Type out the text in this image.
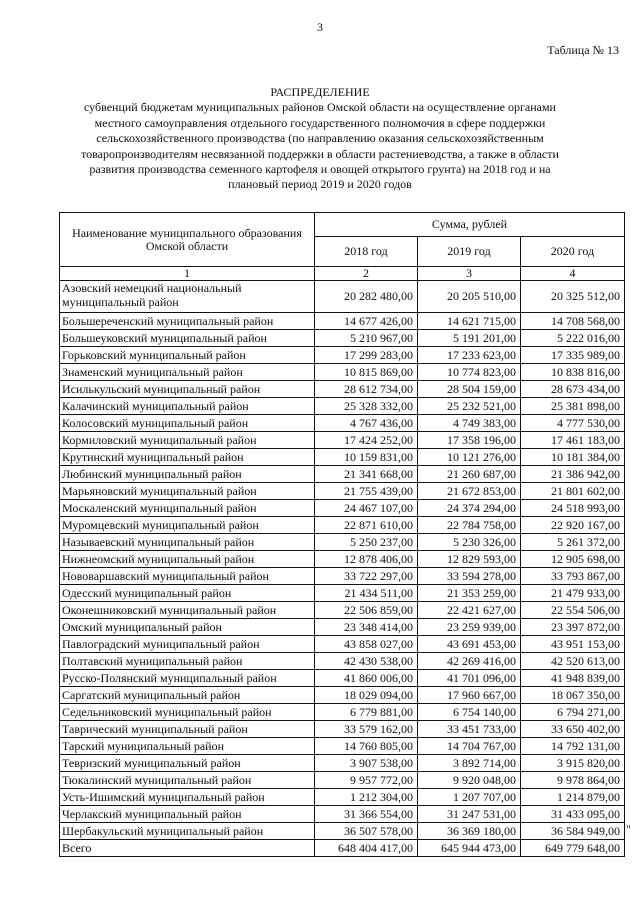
3
Таблица № 13
РАСПРЕДЕЛЕНИЕ
субвенций бюджетам муниципальных районов Омской области на осуществление органами местного самоуправления отдельного государственного полномочия в сфере поддержки сельскохозяйственного производства (по направлению оказания сельскохозяйственным товаропроизводителям несвязанной поддержки в области растениеводства, а также в области развития производства семенного картофеля и овощей открытого грунта) на 2018 год и на плановый период 2019 и 2020 годов
Наименование муниципального образования Омской области	Сумма, рублей		
	2018 год	2019 год	2020 год
1	2	3	4
Азовский немецкий национальный муниципальный район	20 282 480,00	20 205 510,00	20 325 512,00
Большереченский муниципальный район	14 677 426,00	14 621 715,00	14 708 568,00
Большеуковский муниципальный район	5 210 967,00	5 191 201,00	5 222 016,00
Горьковский муниципальный район	17 299 283,00	17 233 623,00	17 335 989,00
Знаменский муниципальный район	10 815 869,00	10 774 823,00	10 838 816,00
Исилькульский муниципальный район	28 612 734,00	28 504 159,00	28 673 434,00
Калачинский муниципальный район	25 328 332,00	25 232 521,00	25 381 898,00
Колосовский муниципальный район	4 767 436,00	4 749 383,00	4 777 530,00
Кормиловский муниципальный район	17 424 252,00	17 358 196,00	17 461 183,00
Крутинский муниципальный район	10 159 831,00	10 121 276,00	10 181 384,00
Любинский муниципальный район	21 341 668,00	21 260 687,00	21 386 942,00
Марьяновский муниципальный район	21 755 439,00	21 672 853,00	21 801 602,00
Москаленский муниципальный район	24 467 107,00	24 374 294,00	24 518 993,00
Муромцевский муниципальный район	22 871 610,00	22 784 758,00	22 920 167,00
Называевский муниципальный район	5 250 237,00	5 230 326,00	5 261 372,00
Нижнеомский муниципальный район	12 878 406,00	12 829 593,00	12 905 698,00
Нововаршавский муниципальный район	33 722 297,00	33 594 278,00	33 793 867,00
Одесский муниципальный район	21 434 511,00	21 353 259,00	21 479 933,00
Оконешниковский муниципальный район	22 506 859,00	22 421 627,00	22 554 506,00
Омский муниципальный район	23 348 414,00	23 259 939,00	23 397 872,00
Павлоградский муниципальный район	43 858 027,00	43 691 453,00	43 951 153,00
Полтавский муниципальный район	42 430 538,00	42 269 416,00	42 520 613,00
Русско-Полянский муниципальный район	41 860 006,00	41 701 096,00	41 948 839,00
Саргатский муниципальный район	18 029 094,00	17 960 667,00	18 067 350,00
Седельниковский муниципальный район	6 779 881,00	6 754 140,00	6 794 271,00
Таврический муниципальный район	33 579 162,00	33 451 733,00	33 650 402,00
Тарский муниципальный район	14 760 805,00	14 704 767,00	14 792 131,00
Тевризский муниципальный район	3 907 538,00	3 892 714,00	3 915 820,00
Тюкалинский муниципальный район	9 957 772,00	9 920 048,00	9 978 864,00
Усть-Ишимский муниципальный район	1 212 304,00	1 207 707,00	1 214 879,00
Черлакский муниципальный район	31 366 554,00	31 247 531,00	31 433 095,00
Шербакульский муниципальный район	36 507 578,00	36 369 180,00	36 584 949,00
Всего	648 404 417,00	645 944 473,00	649 779 648,00
"
